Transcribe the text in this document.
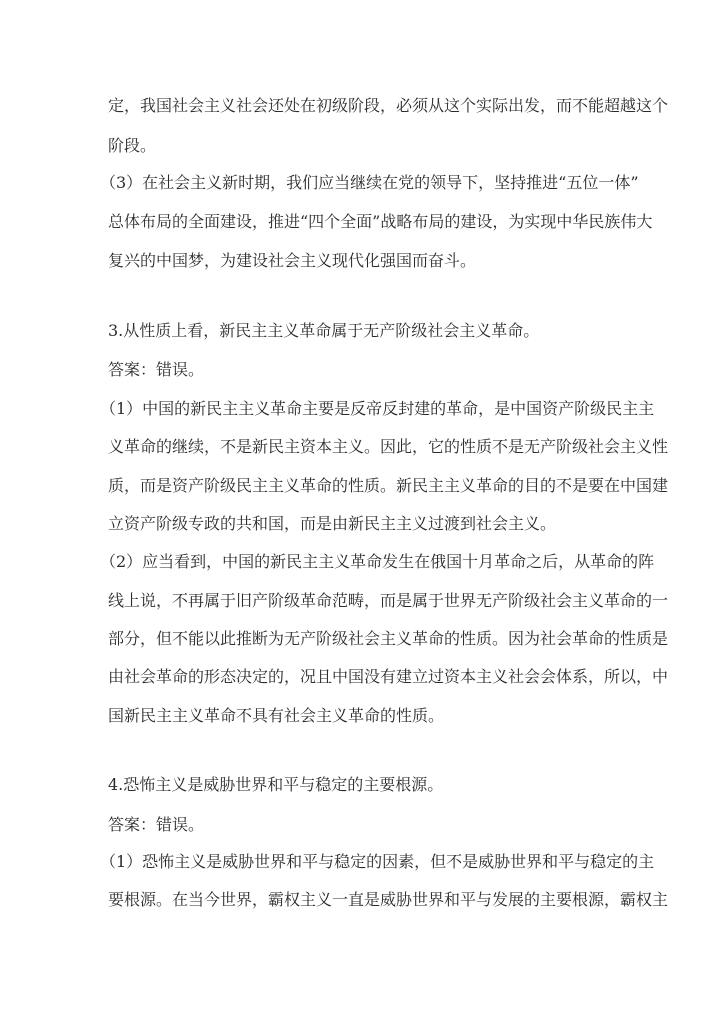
定，我国社会主义社会还处在初级阶段，必须从这个实际出发，而不能超越这个
阶段。
（3）在社会主义新时期，我们应当继续在党的领导下，坚持推进“五位一体”
总体布局的全面建设，推进“四个全面”战略布局的建设，为实现中华民族伟大
复兴的中国梦，为建设社会主义现代化强国而奋斗。
3.从性质上看，新民主主义革命属于无产阶级社会主义革命。
答案：错误。
（1）中国的新民主主义革命主要是反帝反封建的革命，是中国资产阶级民主主
义革命的继续，不是新民主资本主义。因此，它的性质不是无产阶级社会主义性
质，而是资产阶级民主主义革命的性质。新民主主义革命的目的不是要在中国建
立资产阶级专政的共和国，而是由新民主主义过渡到社会主义。
（2）应当看到，中国的新民主主义革命发生在俄国十月革命之后，从革命的阵
线上说，不再属于旧产阶级革命范畴，而是属于世界无产阶级社会主义革命的一
部分，但不能以此推断为无产阶级社会主义革命的性质。因为社会革命的性质是
由社会革命的形态决定的，况且中国没有建立过资本主义社会会体系，所以，中
国新民主主义革命不具有社会主义革命的性质。
4.恐怖主义是威胁世界和平与稳定的主要根源。
答案：错误。
（1）恐怖主义是威胁世界和平与稳定的因素，但不是威胁世界和平与稳定的主
要根源。在当今世界，霸权主义一直是威胁世界和平与发展的主要根源，霸权主
